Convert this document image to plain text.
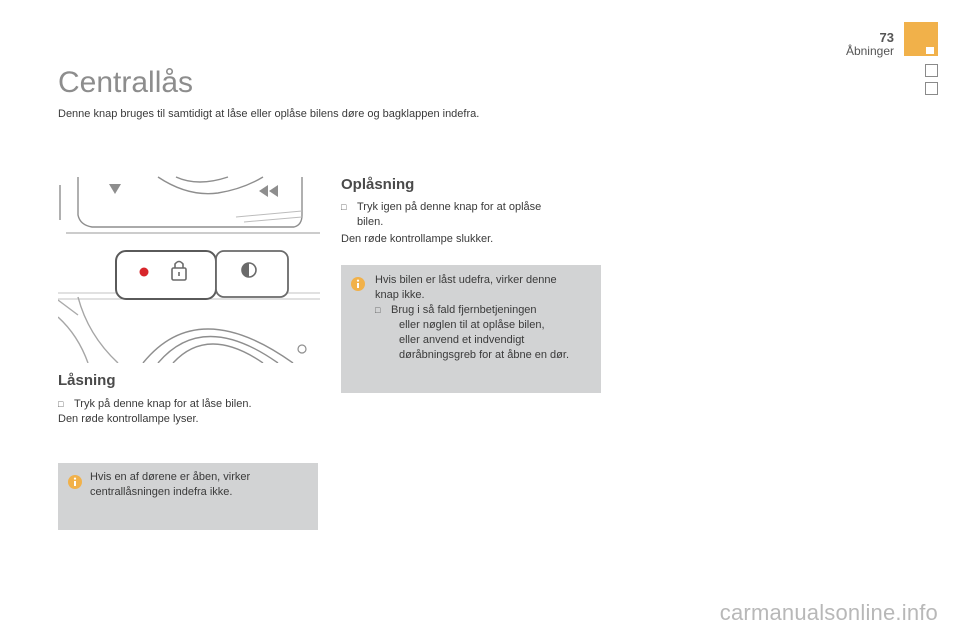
73
Åbninger
Centrallås
Denne knap bruges til samtidigt at låse eller oplåse bilens døre og bagklappen indefra.
Låsning
□ Tryk på denne knap for at låse bilen.
Den røde kontrollampe lyser.
Hvis en af dørene er åben, virker
centrallåsningen indefra ikke.
Oplåsning
□ Tryk igen på denne knap for at oplåse
bilen.
Den røde kontrollampe slukker.
Hvis bilen er låst udefra, virker denne
knap ikke.
□ Brug i så fald fjernbetjeningen
eller nøglen til at oplåse bilen,
eller anvend et indvendigt
døråbningsgreb for at åbne en dør.
carmanualsonline.info
